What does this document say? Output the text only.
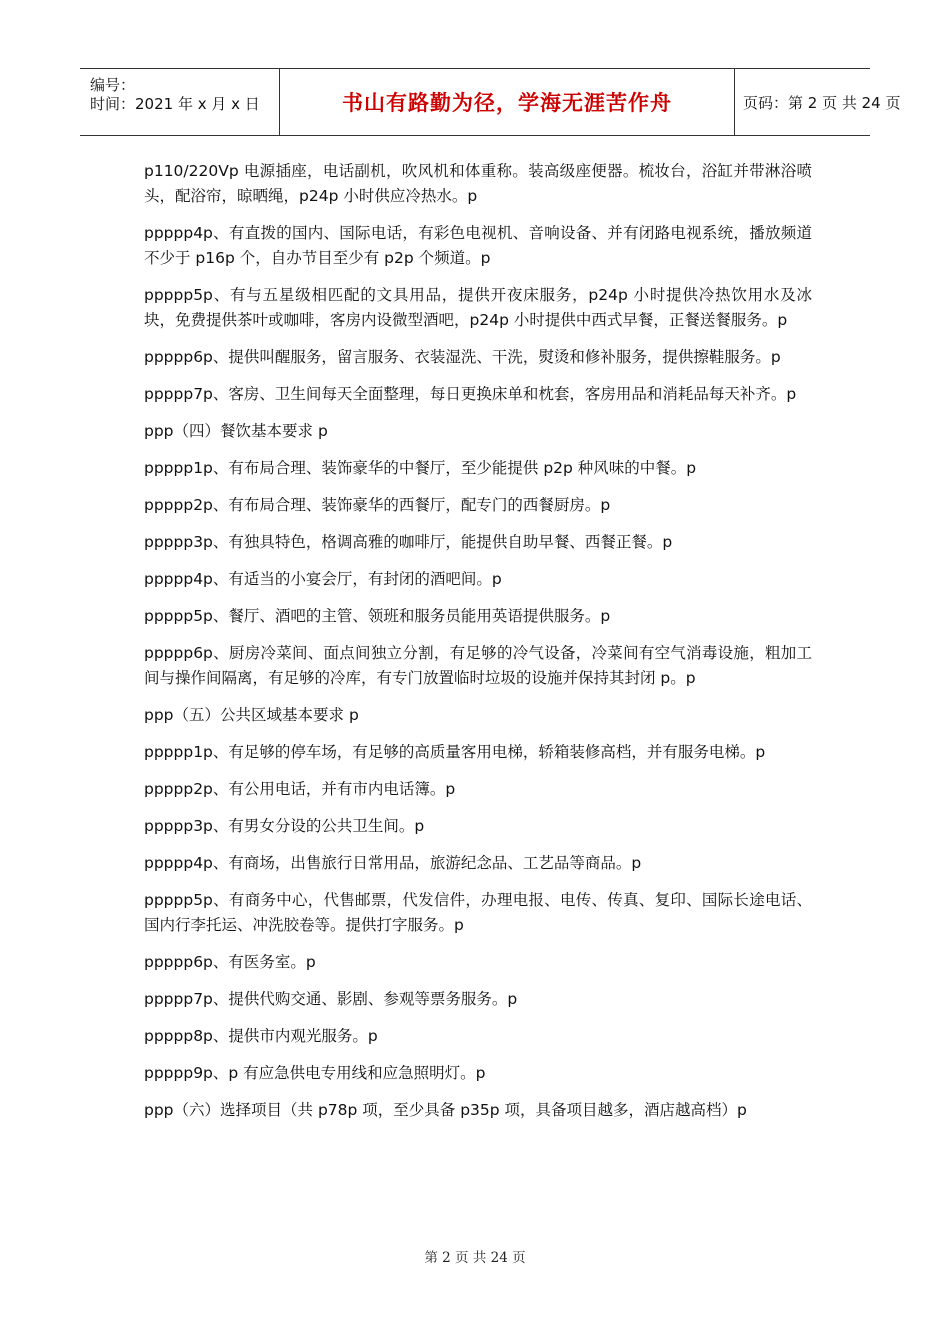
编号：
时间：2021 年 x 月 x 日	书山有路勤为径，学海无涯苦作舟	页码：第 2 页 共 24 页

p110/220Vp 电源插座，电话副机，吹风机和体重称。装高级座便器。梳妆台，浴缸并带淋浴喷头，配浴帘，晾晒绳，p24p 小时供应冷热水。p

ppppp4p、有直拨的国内、国际电话，有彩色电视机、音响设备、并有闭路电视系统，播放频道不少于 p16p 个，自办节目至少有 p2p 个频道。p

ppppp5p、有与五星级相匹配的文具用品，提供开夜床服务，p24p 小时提供冷热饮用水及冰块，免费提供茶叶或咖啡，客房内设微型酒吧，p24p 小时提供中西式早餐，正餐送餐服务。p

ppppp6p、提供叫醒服务，留言服务、衣装湿洗、干洗，熨烫和修补服务，提供擦鞋服务。p

ppppp7p、客房、卫生间每天全面整理，每日更换床单和枕套，客房用品和消耗品每天补齐。p

ppp（四）餐饮基本要求 p

ppppp1p、有布局合理、装饰豪华的中餐厅，至少能提供 p2p 种风味的中餐。p

ppppp2p、有布局合理、装饰豪华的西餐厅，配专门的西餐厨房。p

ppppp3p、有独具特色，格调高雅的咖啡厅，能提供自助早餐、西餐正餐。p

ppppp4p、有适当的小宴会厅，有封闭的酒吧间。p

ppppp5p、餐厅、酒吧的主管、领班和服务员能用英语提供服务。p

ppppp6p、厨房冷菜间、面点间独立分割，有足够的冷气设备，冷菜间有空气消毒设施，粗加工间与操作间隔离，有足够的冷库，有专门放置临时垃圾的设施并保持其封闭 p。p

ppp（五）公共区域基本要求 p

ppppp1p、有足够的停车场，有足够的高质量客用电梯，轿箱装修高档，并有服务电梯。p

ppppp2p、有公用电话，并有市内电话簿。p

ppppp3p、有男女分设的公共卫生间。p

ppppp4p、有商场，出售旅行日常用品，旅游纪念品、工艺品等商品。p

ppppp5p、有商务中心，代售邮票，代发信件，办理电报、电传、传真、复印、国际长途电话、国内行李托运、冲洗胶卷等。提供打字服务。p

ppppp6p、有医务室。p

ppppp7p、提供代购交通、影剧、参观等票务服务。p

ppppp8p、提供市内观光服务。p

ppppp9p、p 有应急供电专用线和应急照明灯。p

ppp（六）选择项目（共 p78p 项，至少具备 p35p 项，具备项目越多，酒店越高档）p

第 2 页 共 24 页
